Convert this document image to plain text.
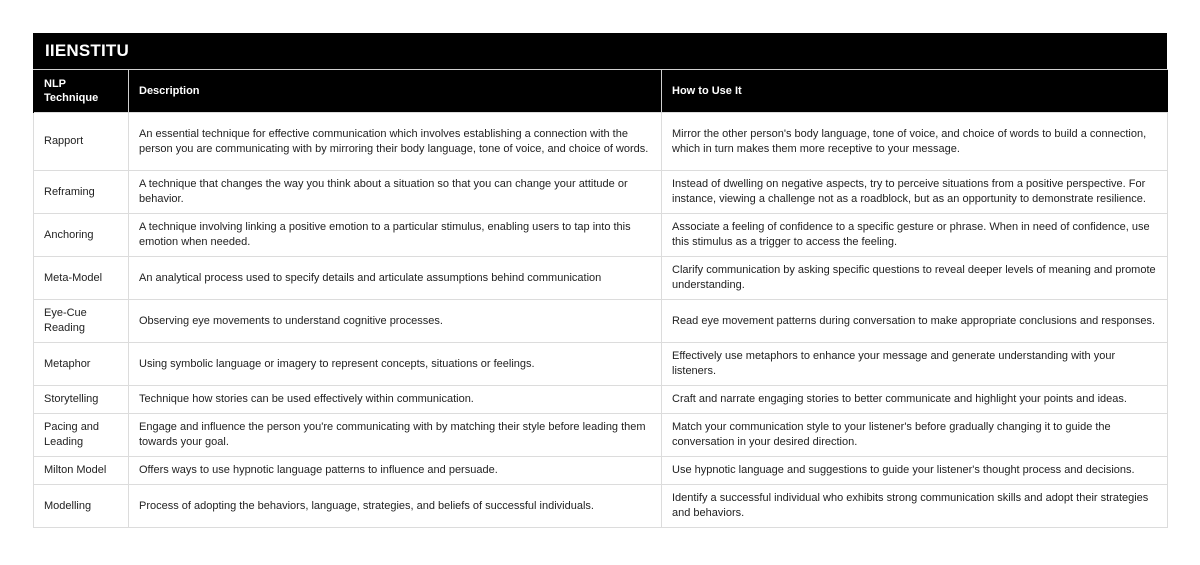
IIENSTITU
NLP Technique	Description	How to Use It
Rapport	An essential technique for effective communication which involves establishing a connection with the person you are communicating with by mirroring their body language, tone of voice, and choice of words.	Mirror the other person's body language, tone of voice, and choice of words to build a connection, which in turn makes them more receptive to your message.
Reframing	A technique that changes the way you think about a situation so that you can change your attitude or behavior.	Instead of dwelling on negative aspects, try to perceive situations from a positive perspective. For instance, viewing a challenge not as a roadblock, but as an opportunity to demonstrate resilience.
Anchoring	A technique involving linking a positive emotion to a particular stimulus, enabling users to tap into this emotion when needed.	Associate a feeling of confidence to a specific gesture or phrase. When in need of confidence, use this stimulus as a trigger to access the feeling.
Meta-Model	An analytical process used to specify details and articulate assumptions behind communication	Clarify communication by asking specific questions to reveal deeper levels of meaning and promote understanding.
Eye-Cue Reading	Observing eye movements to understand cognitive processes.	Read eye movement patterns during conversation to make appropriate conclusions and responses.
Metaphor	Using symbolic language or imagery to represent concepts, situations or feelings.	Effectively use metaphors to enhance your message and generate understanding with your listeners.
Storytelling	Technique how stories can be used effectively within communication.	Craft and narrate engaging stories to better communicate and highlight your points and ideas.
Pacing and Leading	Engage and influence the person you're communicating with by matching their style before leading them towards your goal.	Match your communication style to your listener's before gradually changing it to guide the conversation in your desired direction.
Milton Model	Offers ways to use hypnotic language patterns to influence and persuade.	Use hypnotic language and suggestions to guide your listener's thought process and decisions.
Modelling	Process of adopting the behaviors, language, strategies, and beliefs of successful individuals.	Identify a successful individual who exhibits strong communication skills and adopt their strategies and behaviors.
